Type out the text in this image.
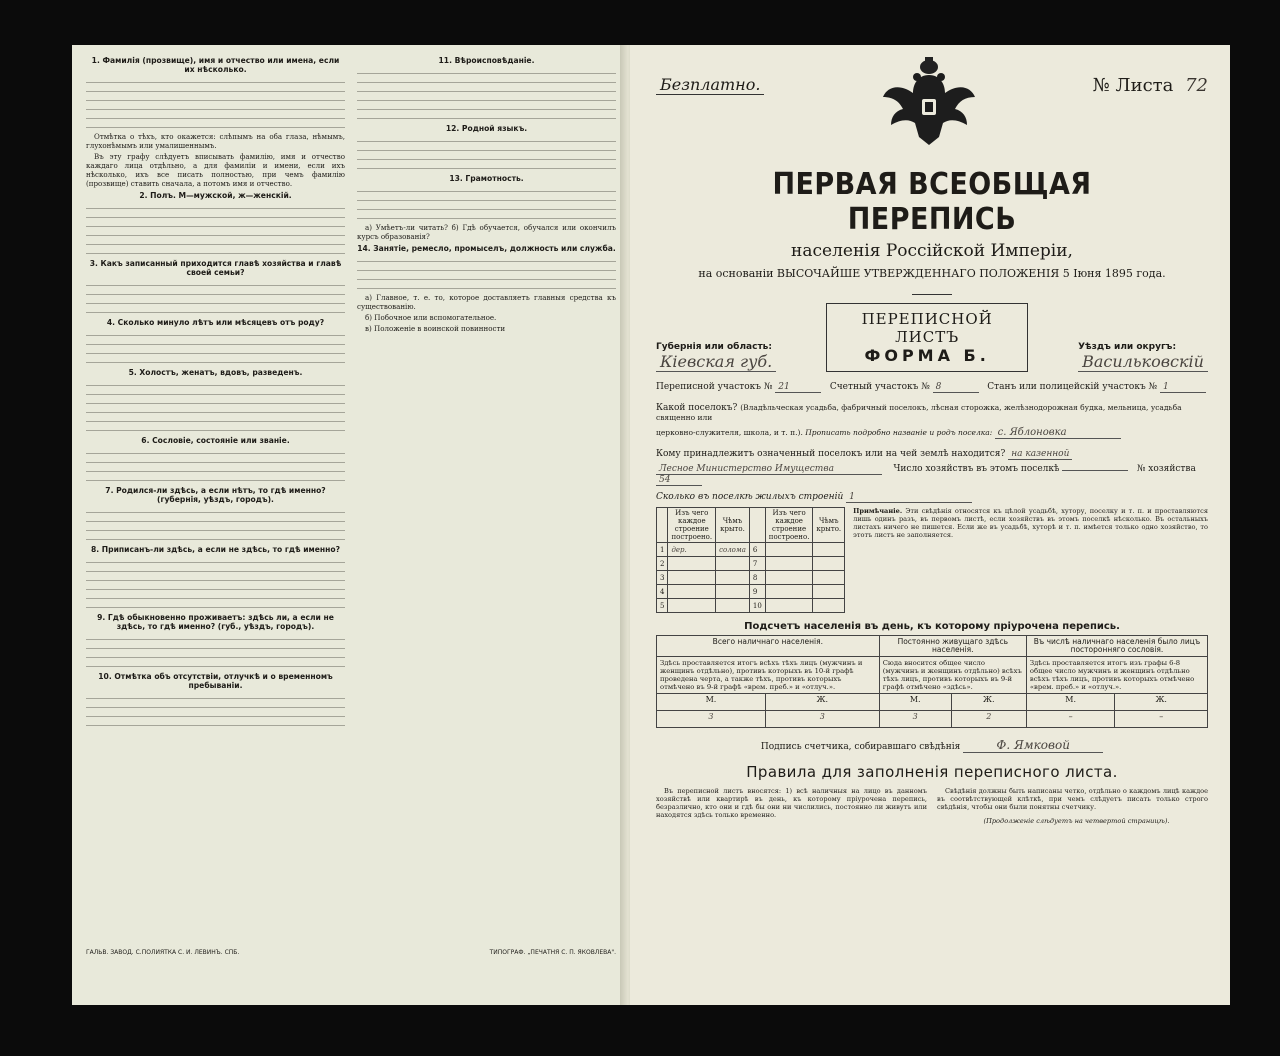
1. Фамилія (прозвище), имя и отчество или имена, если их нѣсколько.

Отмѣтка о тѣхъ, кто окажется: слѣпымъ на оба глаза, нѣмымъ, глухонѣмымъ или умалишеннымъ.

Въ эту графу слѣдуетъ вписывать фамилію, имя и отчество каждаго лица отдѣльно, а для фамиліи и имени, если ихъ нѣсколько, ихъ все писать полностью, при чемъ фамилію (прозвище) ставить сначала, а потомъ имя и отчество.

2. Полъ. М—мужской, ж—женскій.

3. Какъ записанный приходится главѣ хозяйства и главѣ своей семьи?

4. Сколько минуло лѣтъ или мѣсяцевъ отъ роду?

5. Холостъ, женатъ, вдовъ, разведенъ.

6. Сословіе, состояніе или званіе.

7. Родился-ли здѣсь, а если нѣтъ, то гдѣ именно? (губернія, уѣздъ, городъ).

8. Приписанъ-ли здѣсь, а если не здѣсь, то гдѣ именно?

9. Гдѣ обыкновенно проживаетъ: здѣсь ли, а если не здѣсь, то гдѣ именно? (губ., уѣздъ, городъ).

10. Отмѣтка объ отсутствіи, отлучкѣ и о временномъ пребываніи.

11. Вѣроисповѣданіе.

12. Родной языкъ.

13. Грамотность.

а) Умѣетъ-ли читать? б) Гдѣ обучается, обучался или окончилъ курсъ образованія?

14. Занятіе, ремесло, промыселъ, должность или служба.

а) Главное, т. е. то, которое доставляетъ главныя средства къ существованію.

б) Побочное или вспомогательное.

в) Положеніе в воинской повинности

ГАЛЬВ. ЗАВОД. С.ПОЛИЯТКА С. И. ЛЕВИНЪ. СПБ.	ТИПОГРАФ. „ПЕЧАТНЯ С. П. ЯКОВЛЕВА".
Безплатно.	№ Листа 72
ПЕРВАЯ ВСЕОБЩАЯ ПЕРЕПИСЬ
населенія Россійской Имперіи,
на основаніи ВЫСОЧАЙШЕ УТВЕРЖДЕННАГО ПОЛОЖЕНІЯ 5 Іюня 1895 года.
Губернія или область:
Кіевская губ.
ПЕРЕПИСНОЙ ЛИСТЪ
ФОРМА Б.	Уѣздъ или округъ:
Васильковскій
Переписной участокъ № 21	Счетный участокъ № 8	Станъ или полицейскій участокъ № 1
Какой поселокъ? (Владѣльческая усадьба, фабричный поселокъ, лѣсная сторожка, желѣзнодорожная будка, мельница, усадьба священно или
церковно-служителя, школа, и т. п.). Прописать подробно названіе и родъ поселка: с. Яблоновка
Кому принадлежитъ означенный поселокъ или на чей землѣ находится? на казенной
Лесное Министерство Имущества	Число хозяйствъ въ этомъ поселкѣ	№ хозяйства 54
Сколько въ поселкѣ жилыхъ строеній 1
	Изъ чего каждое строение построено.	Чѣмъ крыто.		Изъ чего каждое строение построено.	Чѣмъ крыто.
1	дер.	солома	6		
2			7		
3			8		
4			9		
5			10		
Примѣчаніе. Эти свѣдѣнія относятся къ цѣлой усадьбѣ, хутору, поселку и т. п. и проставляются лишь одинъ разъ, въ первомъ листѣ, если хозяйствъ въ этомъ поселкѣ нѣсколько. Въ остальныхъ листахъ ничего не пишется. Если же въ усадьбѣ, хуторѣ и т. п. имѣется только одно хозяйство, то этотъ листъ не заполняется.
Подсчетъ населенія въ день, къ которому пріурочена перепись.
Всего наличнаго населенія.		Постоянно живущаго здѣсь населенія.		Въ числѣ наличнаго населенія было лицъ посторонняго сословія.	
Здѣсь проставляется итогъ всѣхъ тѣхъ лицъ (мужчинъ и женщинъ отдѣльно), противъ которыхъ въ 10-й графѣ проведена черта, а также тѣхъ, противъ которыхъ отмѣчено въ 9-й графѣ «врем. преб.» и «отлуч.».		Сюда вносится общее число (мужчинъ и женщинъ отдѣльно) всѣхъ тѣхъ лицъ, противъ которыхъ въ 9-й графѣ отмѣчено «здѣсь».		Здѣсь проставляется итогъ изъ графы 6-8 общее число мужчинъ и женщинъ отдѣльно всѣхъ тѣхъ лицъ, противъ которыхъ отмѣчено «врем. преб.» и «отлуч.».	
М.	Ж.	М.	Ж.	М.	Ж.
3	3	3	2	–	–
Подпись счетчика, собиравшаго свѣдѣнія	Ф. Ямковой
Правила для заполненія переписного листа.

Въ переписной листъ вносятся: 1) всѣ наличныя на лицо въ данномъ хозяйствѣ или квартирѣ въ день, къ которому пріурочена перепись, безразлично, кто они и гдѣ бы они ни числились, постоянно ли живутъ или находятся здѣсь только временно.

Свѣдѣнія должны быть написаны четко, отдѣльно о каждомъ лицѣ каждое въ соотвѣтствующей клѣткѣ, при чемъ слѣдуетъ писать только строго свѣдѣнія, чтобы они были понятны счетчику.

(Продолженіе слѣдуетъ на четвертой страницѣ).
